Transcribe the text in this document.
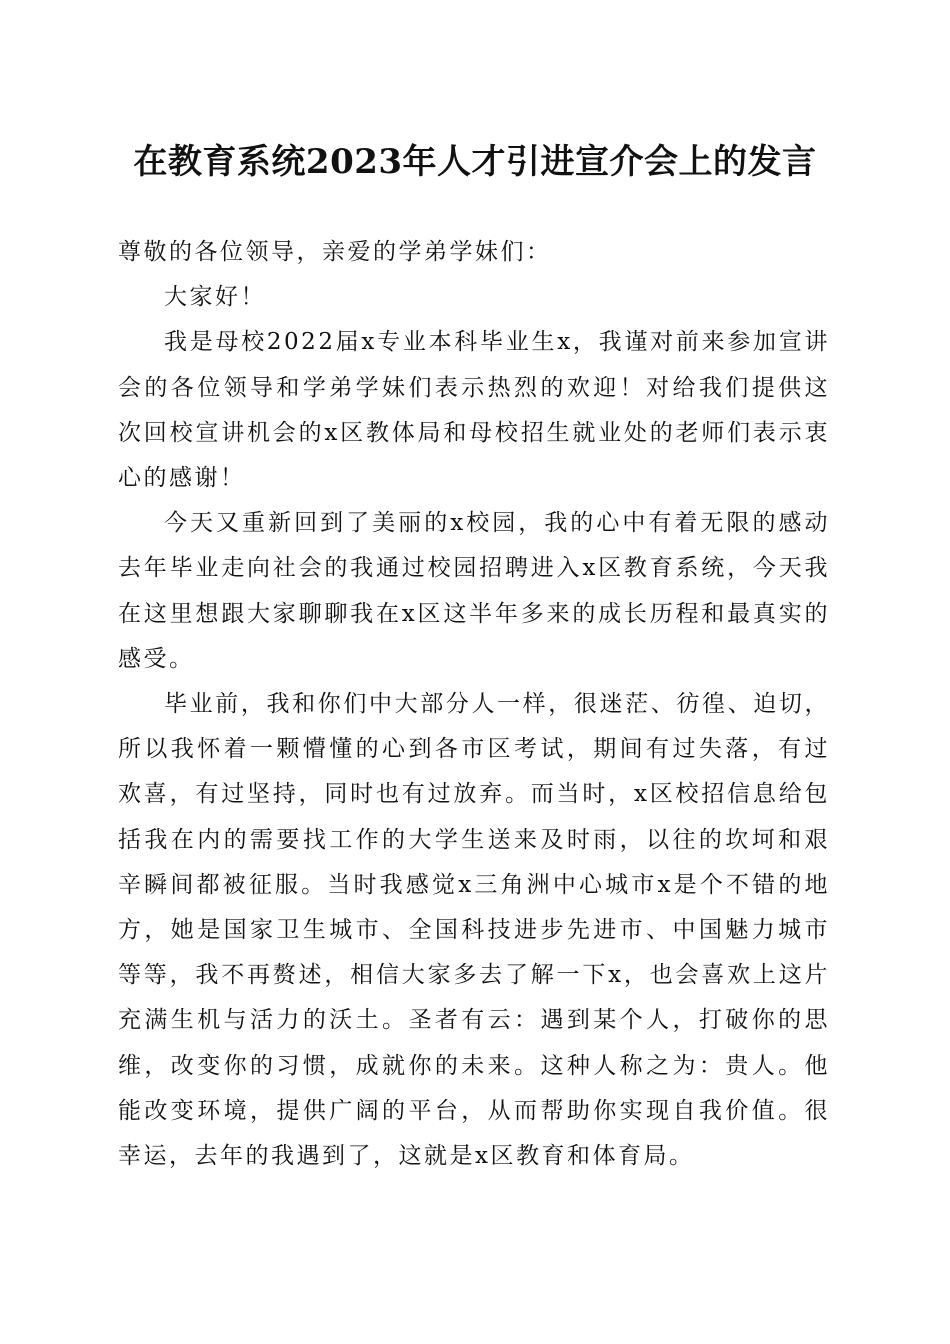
在教育系统2023年人才引进宣介会上的发言

尊敬的各位领导，亲爱的学弟学妹们：

大家好！

我是母校2022届x专业本科毕业生x，我谨对前来参加宣讲会的各位领导和学弟学妹们表示热烈的欢迎！对给我们提供这次回校宣讲机会的x区教体局和母校招生就业处的老师们表示衷心的感谢！

今天又重新回到了美丽的x校园，我的心中有着无限的感动去年毕业走向社会的我通过校园招聘进入x区教育系统，今天我在这里想跟大家聊聊我在x区这半年多来的成长历程和最真实的感受。

毕业前，我和你们中大部分人一样，很迷茫、彷徨、迫切，所以我怀着一颗懵懂的心到各市区考试，期间有过失落，有过欢喜，有过坚持，同时也有过放弃。而当时，x区校招信息给包括我在内的需要找工作的大学生送来及时雨，以往的坎坷和艰辛瞬间都被征服。当时我感觉x三角洲中心城市x是个不错的地方，她是国家卫生城市、全国科技进步先进市、中国魅力城市等等，我不再赘述，相信大家多去了解一下x，也会喜欢上这片充满生机与活力的沃土。圣者有云：遇到某个人，打破你的思维，改变你的习惯，成就你的未来。这种人称之为：贵人。他能改变环境，提供广阔的平台，从而帮助你实现自我价值。很幸运，去年的我遇到了，这就是x区教育和体育局。
